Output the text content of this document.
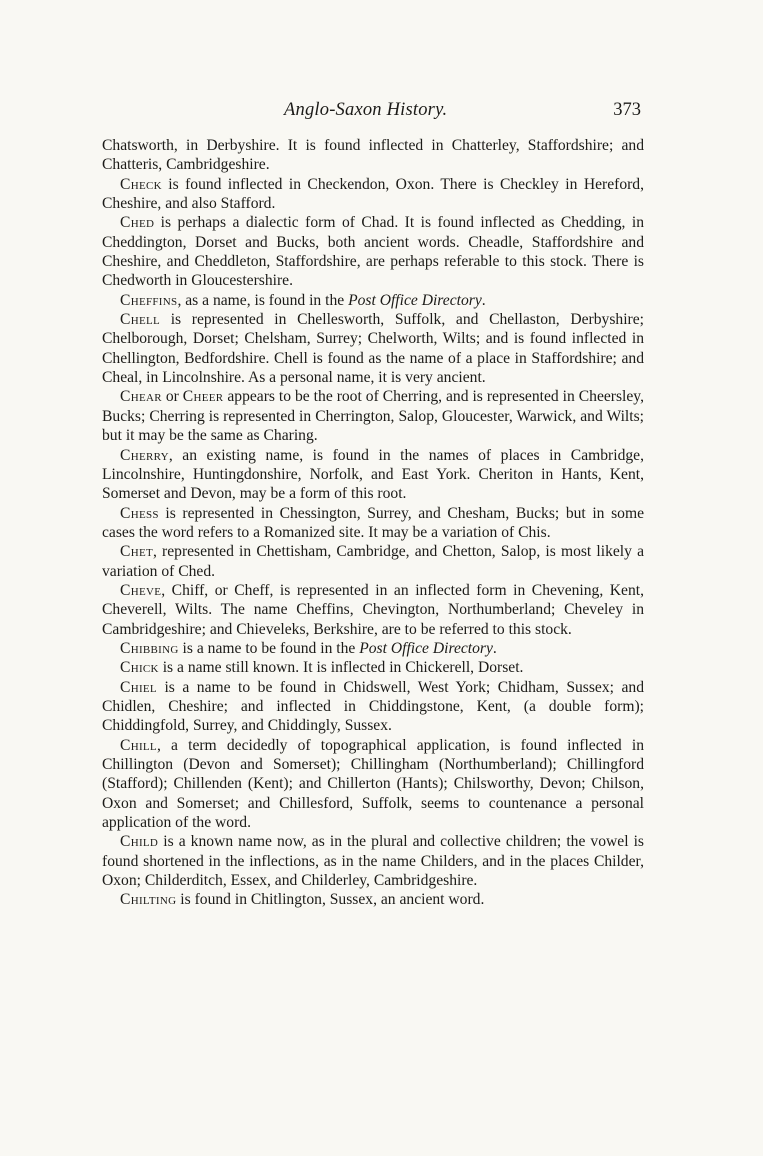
Anglo-Saxon History.	373

Chatsworth, in Derbyshire. It is found inflected in Chatterley, Staffordshire; and Chatteris, Cambridgeshire.

Check is found inflected in Checkendon, Oxon. There is Checkley in Hereford, Cheshire, and also Stafford.

Ched is perhaps a dialectic form of Chad. It is found inflected as Chedding, in Cheddington, Dorset and Bucks, both ancient words. Cheadle, Staffordshire and Cheshire, and Cheddleton, Staffordshire, are perhaps referable to this stock. There is Chedworth in Gloucestershire.

Cheffins, as a name, is found in the Post Office Directory.

Chell is represented in Chellesworth, Suffolk, and Chellaston, Derbyshire; Chelborough, Dorset; Chelsham, Surrey; Chelworth, Wilts; and is found inflected in Chellington, Bedfordshire. Chell is found as the name of a place in Staffordshire; and Cheal, in Lincolnshire. As a personal name, it is very ancient.

Chear or Cheer appears to be the root of Cherring, and is represented in Cheersley, Bucks; Cherring is represented in Cherrington, Salop, Gloucester, Warwick, and Wilts; but it may be the same as Charing.

Cherry, an existing name, is found in the names of places in Cambridge, Lincolnshire, Huntingdonshire, Norfolk, and East York. Cheriton in Hants, Kent, Somerset and Devon, may be a form of this root.

Chess is represented in Chessington, Surrey, and Chesham, Bucks; but in some cases the word refers to a Romanized site. It may be a variation of Chis.

Chet, represented in Chettisham, Cambridge, and Chetton, Salop, is most likely a variation of Ched.

Cheve, Chiff, or Cheff, is represented in an inflected form in Chevening, Kent, Cheverell, Wilts. The name Cheffins, Chevington, Northumberland; Cheveley in Cambridgeshire; and Chieveleks, Berkshire, are to be referred to this stock.

Chibbing is a name to be found in the Post Office Directory.

Chick is a name still known. It is inflected in Chickerell, Dorset.

Chiel is a name to be found in Chidswell, West York; Chidham, Sussex; and Chidlen, Cheshire; and inflected in Chiddingstone, Kent, (a double form); Chiddingfold, Surrey, and Chiddingly, Sussex.

Chill, a term decidedly of topographical application, is found inflected in Chillington (Devon and Somerset); Chillingham (Northumberland); Chillingford (Stafford); Chillenden (Kent); and Chillerton (Hants); Chilsworthy, Devon; Chilson, Oxon and Somerset; and Chillesford, Suffolk, seems to countenance a personal application of the word.

Child is a known name now, as in the plural and collective children; the vowel is found shortened in the inflections, as in the name Childers, and in the places Childer, Oxon; Childerditch, Essex, and Childerley, Cambridgeshire.

Chilting is found in Chitlington, Sussex, an ancient word.
